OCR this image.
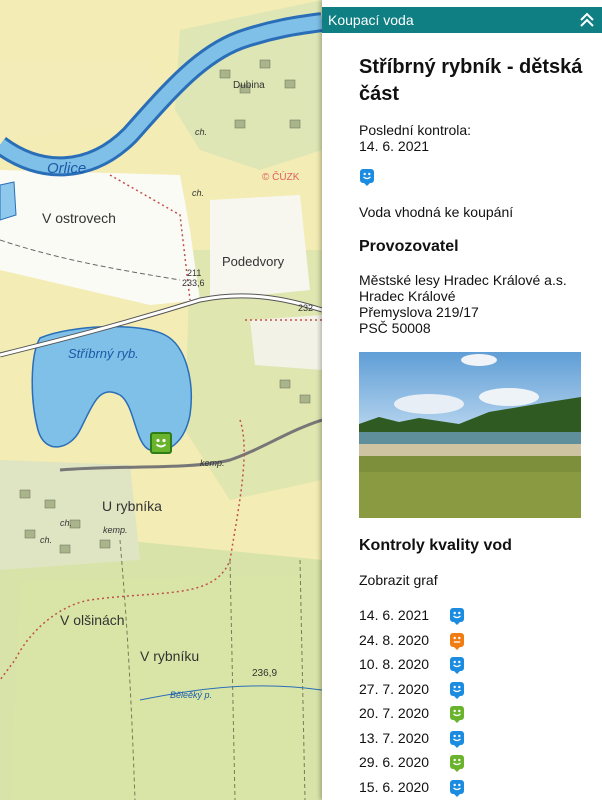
Orlice
Dubina
© ČÚZK
V ostrovech
Podedvory
Stříbrný ryb.
U rybníka
kemp.
kemp.
V olšinách
V rybníku
Běleěký p.
211
233,6
232
236,9
ch.
ch.
ch.
ch.
Koupací voda
Stříbrný rybník - dětská část
Poslední kontrola:
14. 6. 2021
Voda vhodná ke koupání
Provozovatel
Městské lesy Hradec Králové a.s.
Hradec Králové
Přemyslova 219/17
PSČ 50008
Kontroly kvality vod
Zobrazit graf
14. 6. 2021
24. 8. 2020
10. 8. 2020
27. 7. 2020
20. 7. 2020
13. 7. 2020
29. 6. 2020
15. 6. 2020
